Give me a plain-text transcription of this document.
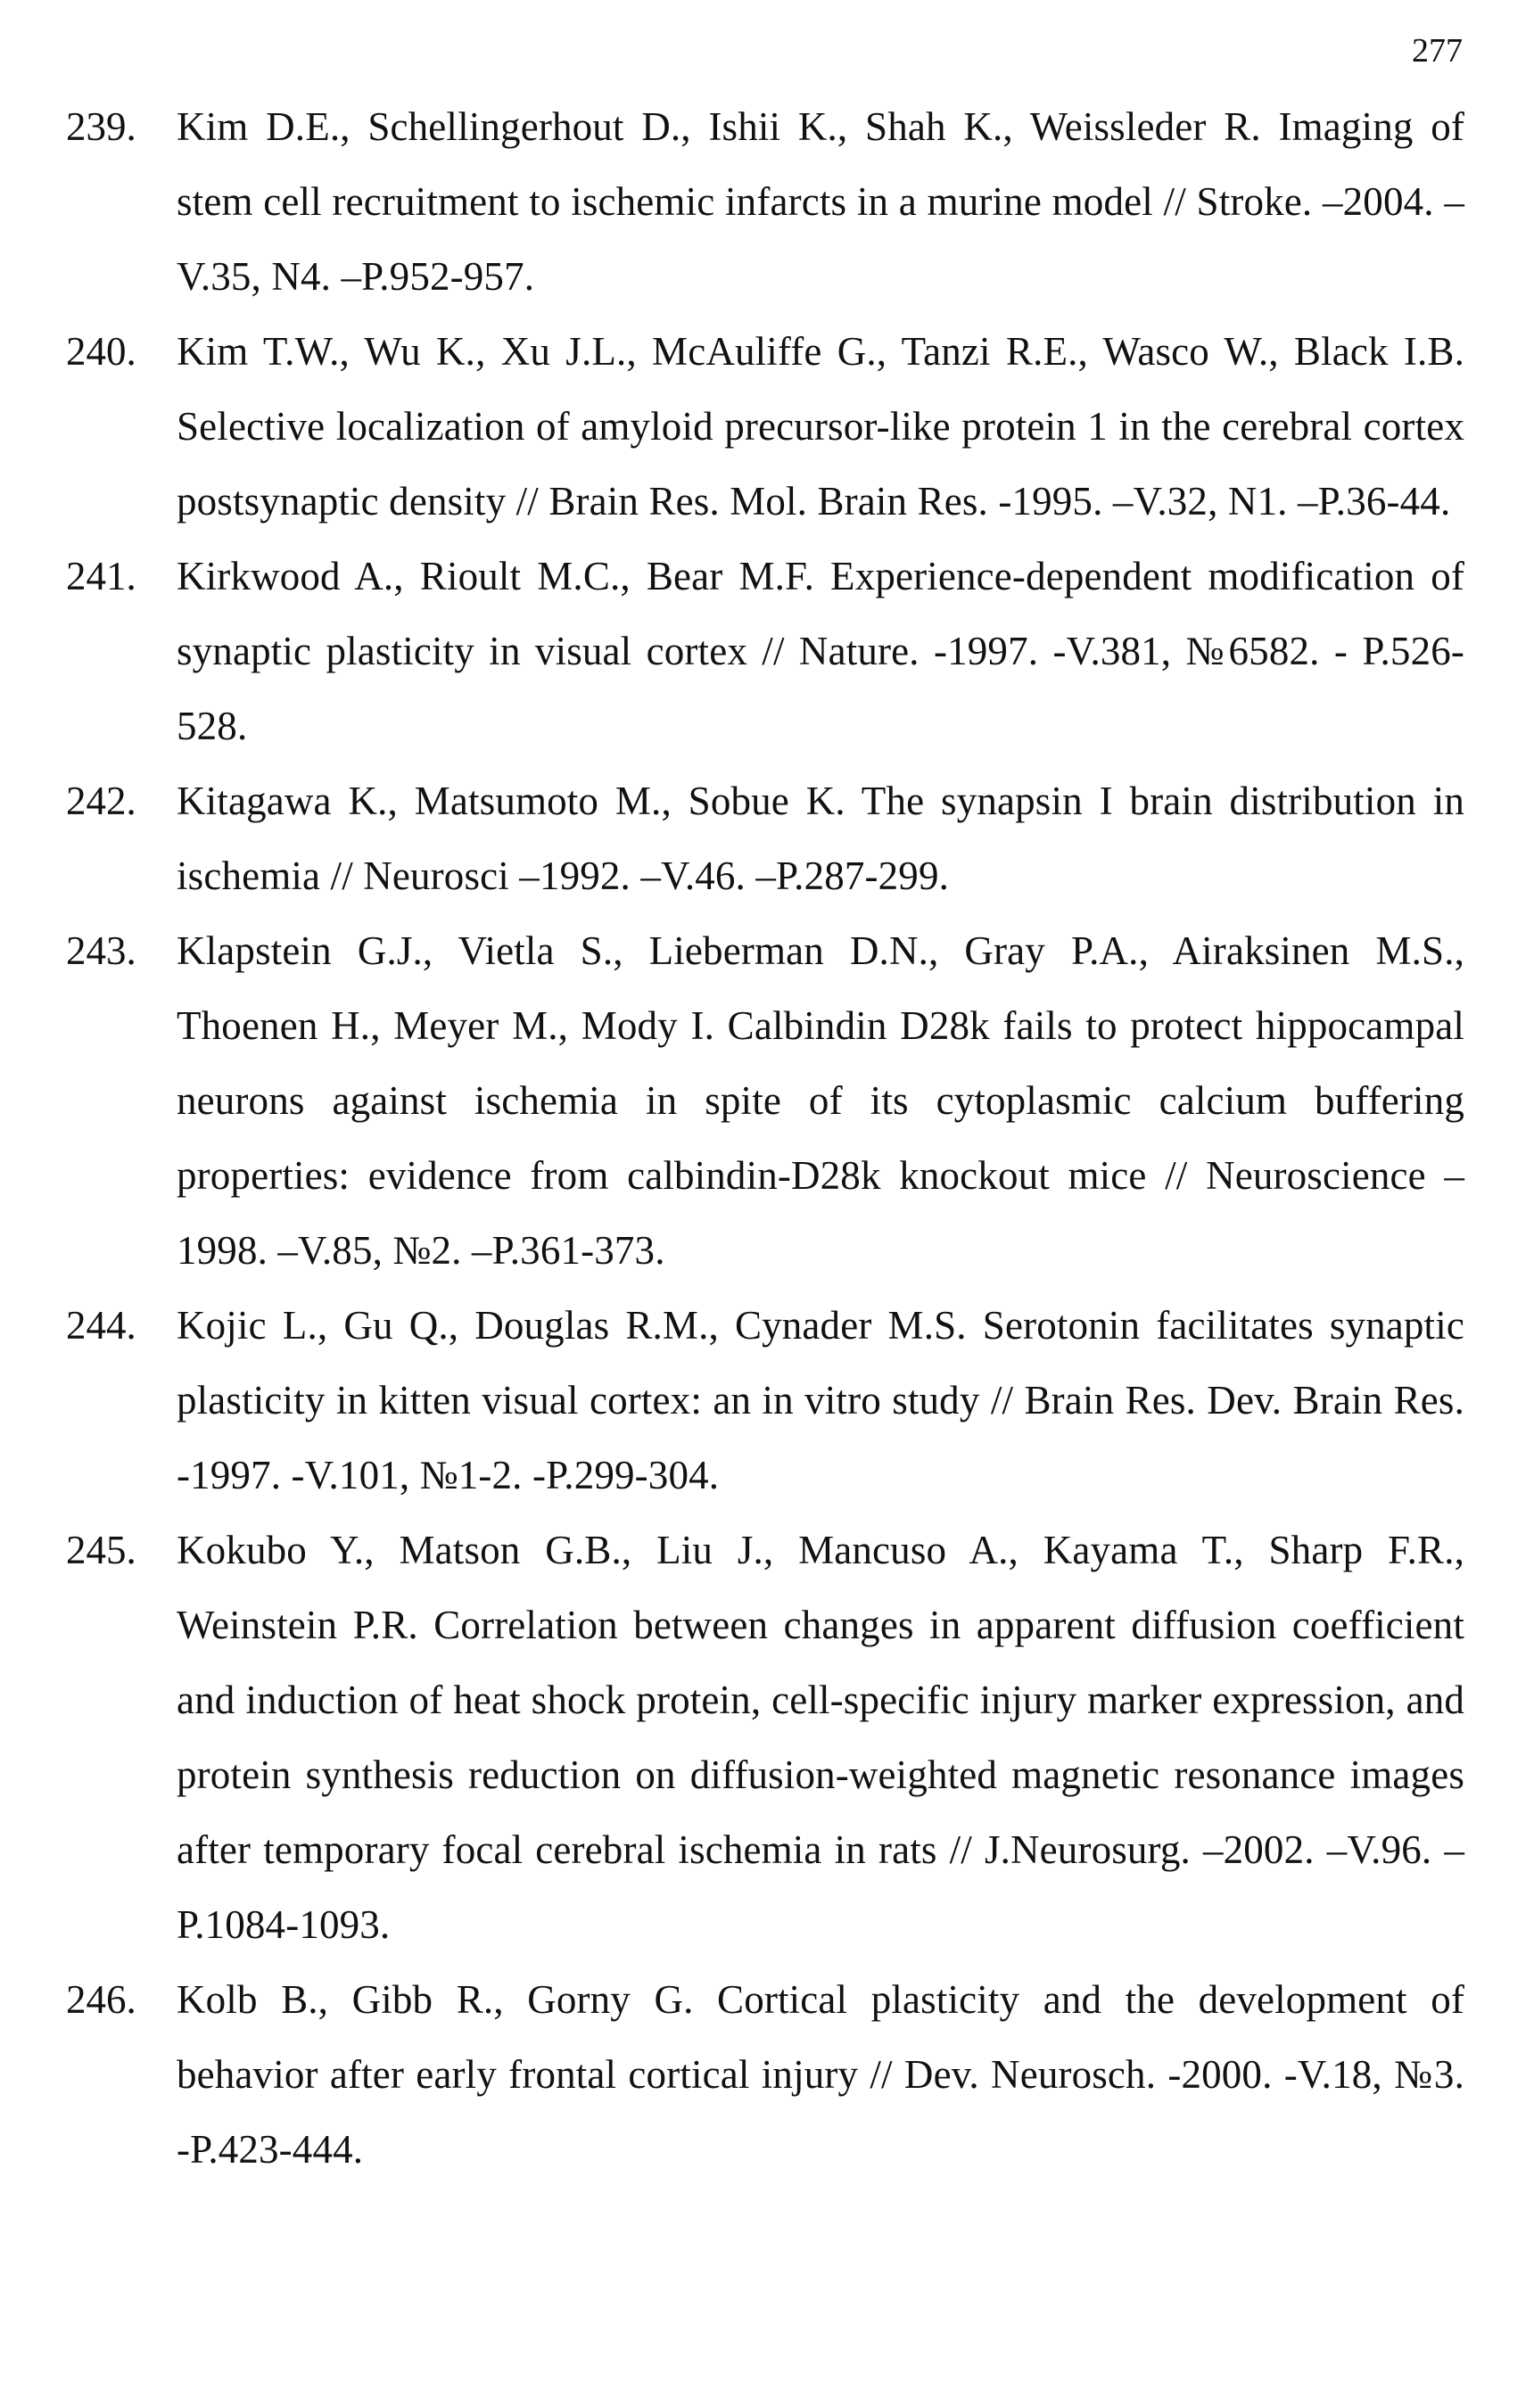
277
239.	Kim D.E., Schellingerhout D., Ishii K., Shah K., Weissleder R. Imaging of stem cell recruitment to ischemic infarcts in a murine model // Stroke. –2004. –V.35, N4. –P.952-957.
240.	Kim T.W., Wu K., Xu J.L., McAuliffe G., Tanzi R.E., Wasco W., Black I.B. Selective localization of amyloid precursor-like protein 1 in the cerebral cortex postsynaptic density // Brain Res. Mol. Brain Res. -1995. –V.32, N1. –P.36-44.
241.	Kirkwood A., Rioult M.C., Bear M.F. Experience-dependent modification of synaptic plasticity in visual cortex // Nature. -1997. -V.381, №6582. - P.526-528.
242.	Kitagawa K., Matsumoto M., Sobue K. The synapsin I brain distribution in ischemia // Neurosci –1992. –V.46. –P.287-299.
243.	Klapstein G.J., Vietla S., Lieberman D.N., Gray P.A., Airaksinen M.S., Thoenen H., Meyer M., Mody I. Calbindin D28k fails to protect hippocampal neurons against ischemia in spite of its cytoplasmic calcium buffering properties: evidence from calbindin-D28k knockout mice // Neuroscience –1998. –V.85, №2. –P.361-373.
244.	Kojic L., Gu Q., Douglas R.M., Cynader M.S. Serotonin facilitates synaptic plasticity in kitten visual cortex: an in vitro study // Brain Res. Dev. Brain Res. -1997. -V.101, №1-2. -P.299-304.
245.	Kokubo Y., Matson G.B., Liu J., Mancuso A., Kayama T., Sharp F.R., Weinstein P.R. Correlation between changes in apparent diffusion coefficient and induction of heat shock protein, cell-specific injury marker expression, and protein synthesis reduction on diffusion-weighted magnetic resonance images after temporary focal cerebral ischemia in rats // J.Neurosurg. –2002. –V.96. –P.1084-1093.
246.	Kolb B., Gibb R., Gorny G. Cortical plasticity and the development of behavior after early frontal cortical injury // Dev. Neurosch. -2000. -V.18, №3. -P.423-444.
